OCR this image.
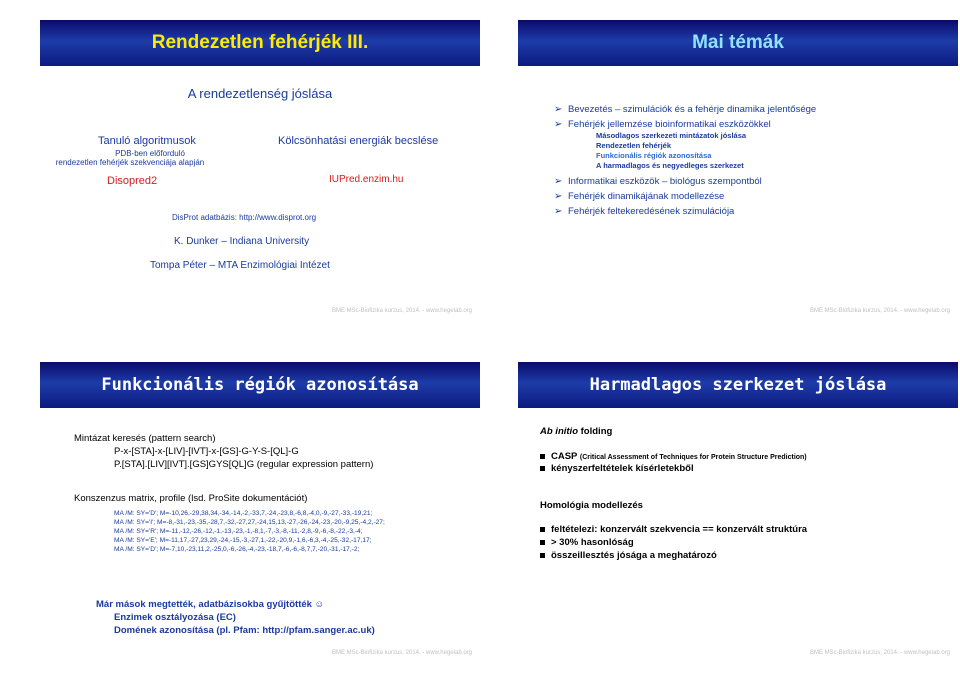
Rendezetlen fehérjék III.
A rendezetlenség jóslása
Tanuló algoritmusok
PDB-ben előforduló
rendezetlen fehérjék szekvenciája alapján
Disopred2
Kölcsönhatási energiák becslése
IUPred.enzim.hu
DisProt adatbázis: http://www.disprot.org
K. Dunker – Indiana University
Tompa Péter – MTA Enzimológiai Intézet
BME MSc-Biofizika kurzus, 2014. - www.hegelab.org
Mai témák
➢ Bevezetés – szimulációk és a fehérje dinamika jelentősége
➢ Fehérjék jellemzése bioinformatikai eszközökkel
Másodlagos szerkezeti mintázatok jóslása
Rendezetlen fehérjék
Funkcionális régiók azonosítása
A harmadlagos és negyedleges szerkezet
➢ Informatikai eszközök – biológus szempontból
➢ Fehérjék dinamikájának modellezése
➢ Fehérjék feltekeredésének szimulációja
BME MSc-Biofizika kurzus, 2014. - www.hegelab.org
Funkcionális régiók azonosítása
Mintázat keresés (pattern search)
P-x-[STA]-x-[LIV]-[IVT]-x-[GS]-G-Y-S-[QL]-G
P.[STA].[LIV][IVT].[GS]GYS[QL]G (regular expression pattern)
Konszenzus matrix, profile (lsd. ProSite dokumentációt)
MA /M: SY='D'; M=-10,26,-29,38,34,-34,-14,-2,-33,7,-24,-23,8,-6,8,-4,0,-9,-27,-33,-19,21;
MA /M: SY='I'; M=-8,-31,-23,-35,-28,7,-32,-27,27,-24,15,13,-27,-26,-24,-23,-20,-9,25,-4,2,-27;
MA /M: SY='R'; M=-11,-12,-26,-12,-1,-13,-23,-1,-8,1,-7,-3,-8,-11,-2,8,-9,-6,-8,-22,-3,-4;
MA /M: SY='E'; M=-11,17,-27,23,29,-24,-15,-3,-27,1,-22,-20,9,-1,6,-6,3,-4,-25,-32,-17,17;
MA /M: SY='D'; M=-7,10,-23,11,2,-25,0,-6,-26,-4,-23,-18,7,-6,-6,-8,7,7,-20,-31,-17,-2;
Már mások megtették, adatbázisokba gyűjtötték ☺
Enzimek osztályozása (EC)
Domének azonosítása (pl. Pfam: http://pfam.sanger.ac.uk)
BME MSc-Biofizika kurzus, 2014. - www.hegelab.org
Harmadlagos szerkezet jóslása
Ab initio folding
CASP (Critical Assessment of Techniques for Protein Structure Prediction)
kényszerfeltételek kísérletekből
Homológia modellezés
feltételezi: konzervált szekvencia == konzervált struktúra
> 30% hasonlóság
összeillesztés jósága a meghatározó
BME MSc-Biofizika kurzus, 2014. - www.hegelab.org
